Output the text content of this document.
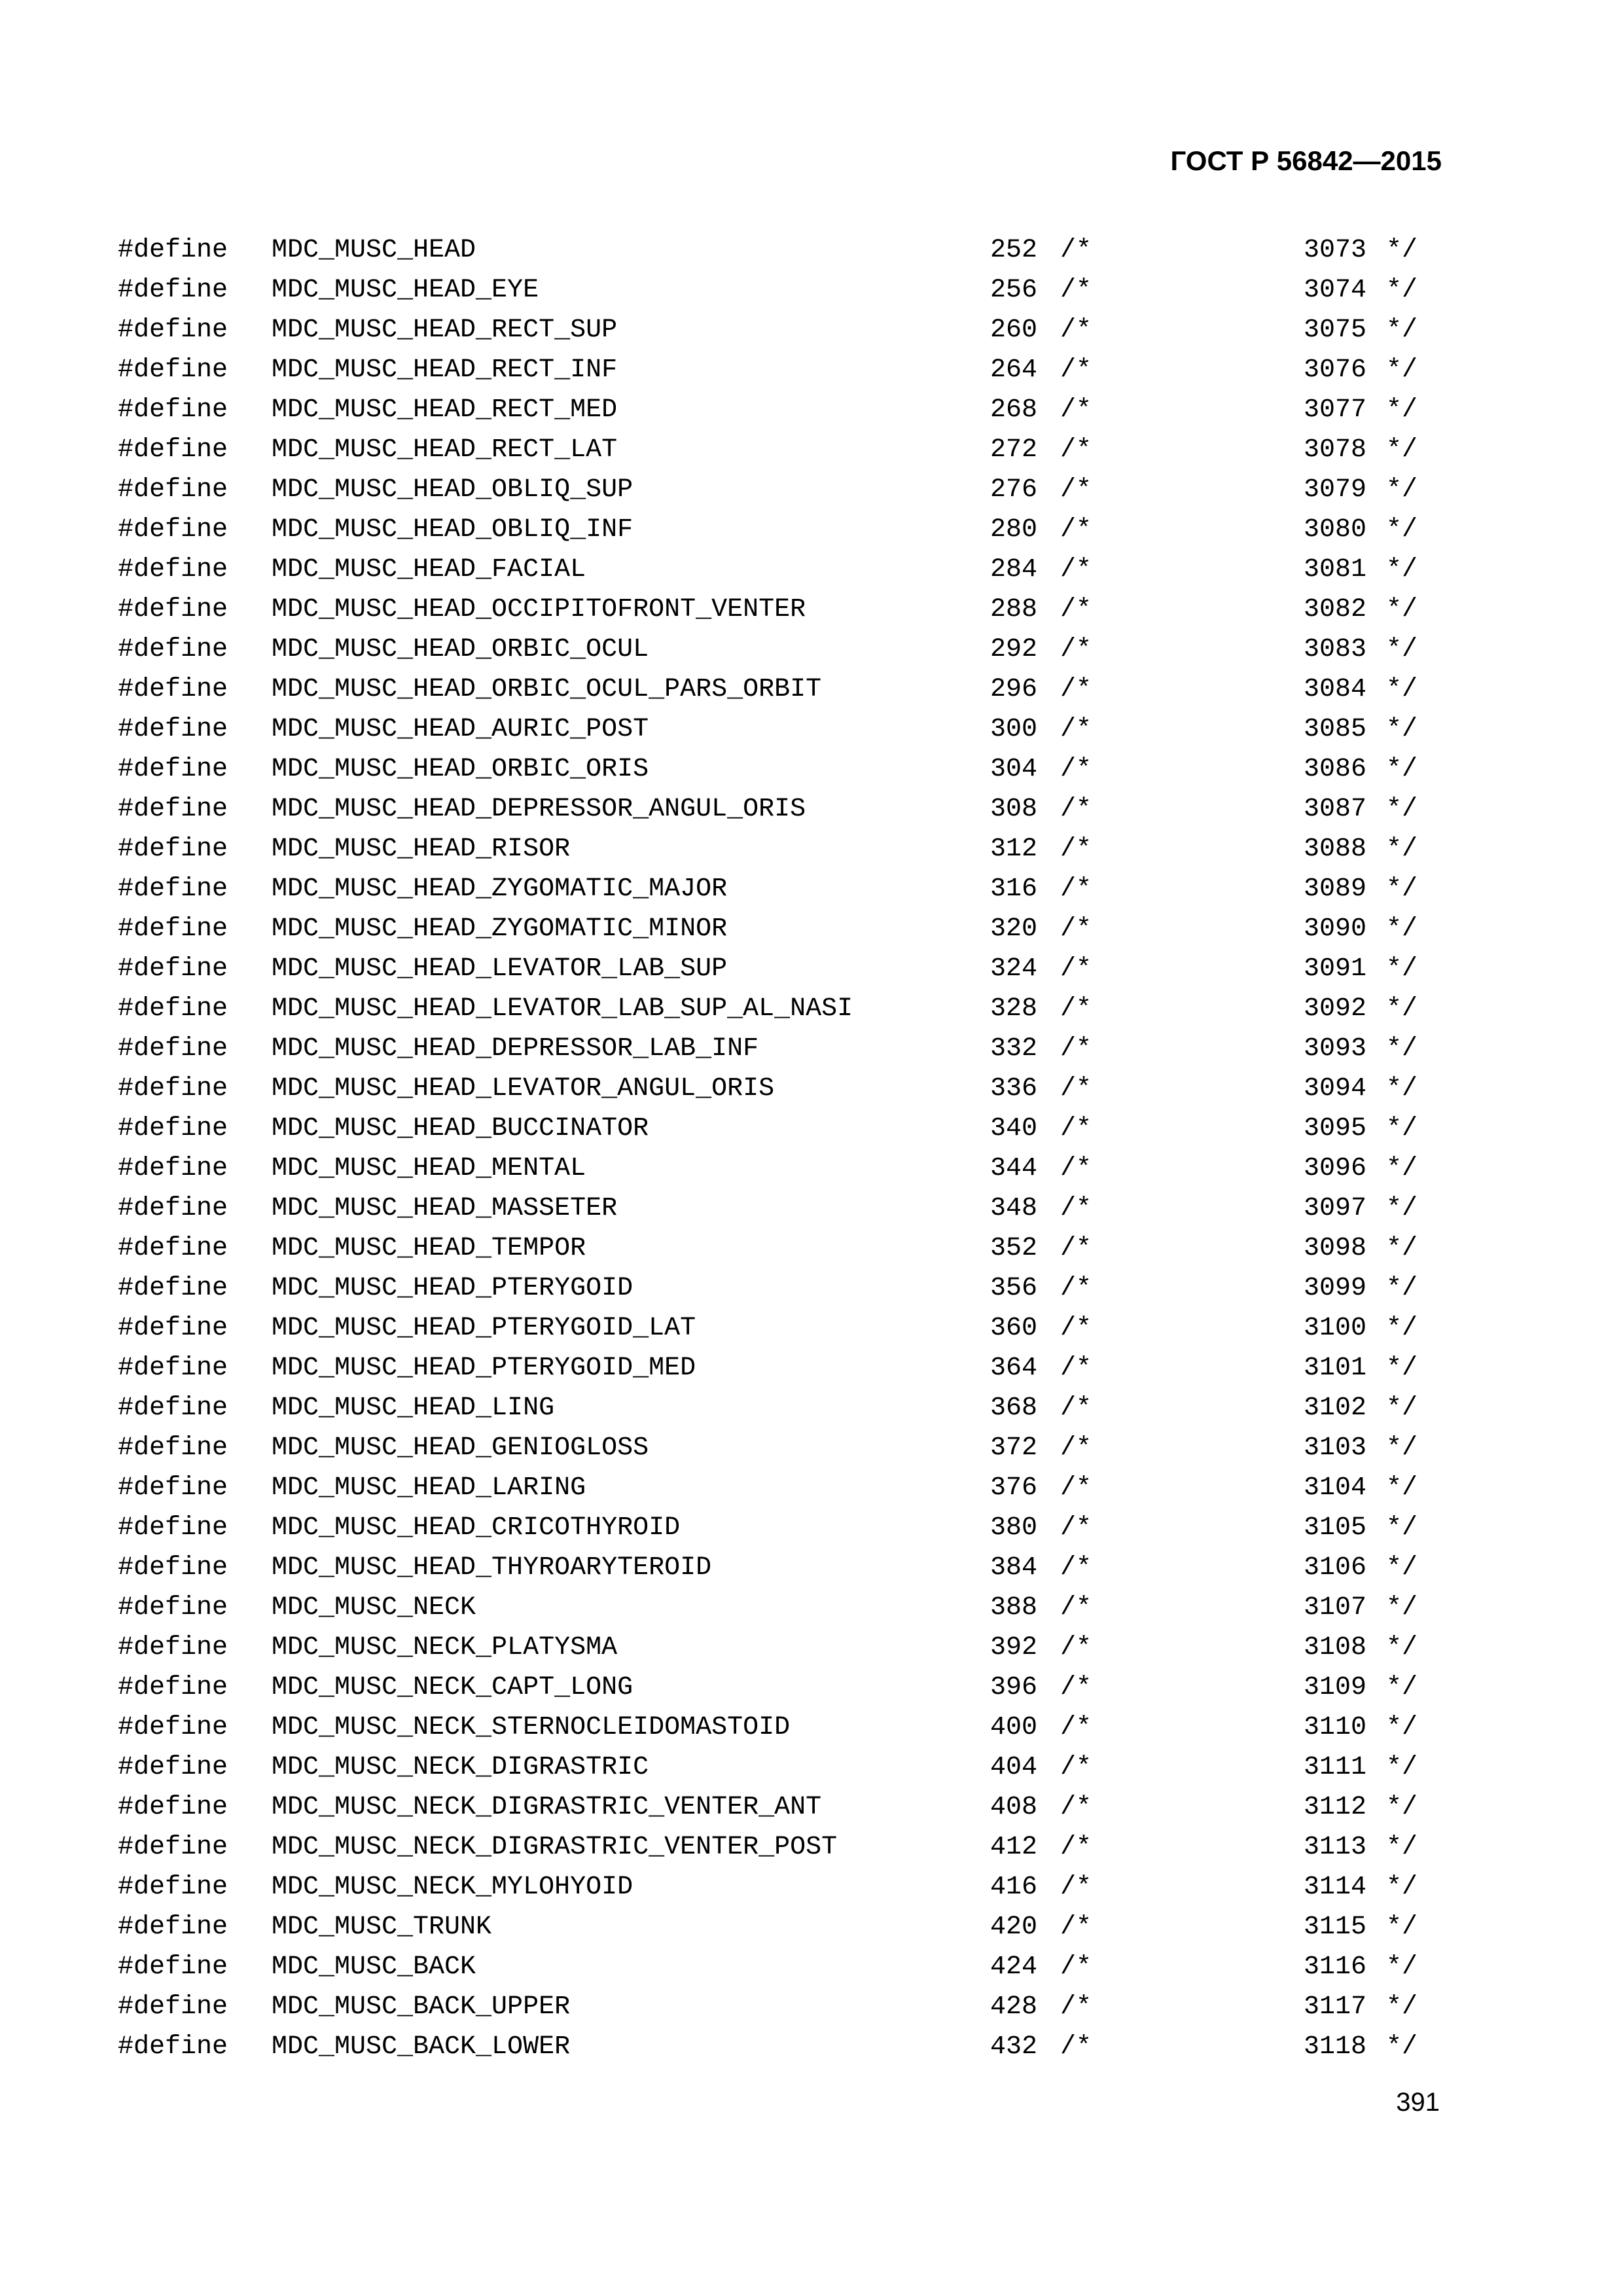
ГОСТ Р 56842—2015
#define MDC_MUSC_HEAD	252 /*	3073 */
#define MDC_MUSC_HEAD_EYE	256 /*	3074 */
#define MDC_MUSC_HEAD_RECT_SUP	260 /*	3075 */
#define MDC_MUSC_HEAD_RECT_INF	264 /*	3076 */
#define MDC_MUSC_HEAD_RECT_MED	268 /*	3077 */
#define MDC_MUSC_HEAD_RECT_LAT	272 /*	3078 */
#define MDC_MUSC_HEAD_OBLIQ_SUP	276 /*	3079 */
#define MDC_MUSC_HEAD_OBLIQ_INF	280 /*	3080 */
#define MDC_MUSC_HEAD_FACIAL	284 /*	3081 */
#define MDC_MUSC_HEAD_OCCIPITOFRONT_VENTER	288 /*	3082 */
#define MDC_MUSC_HEAD_ORBIC_OCUL	292 /*	3083 */
#define MDC_MUSC_HEAD_ORBIC_OCUL_PARS_ORBIT	296 /*	3084 */
#define MDC_MUSC_HEAD_AURIC_POST	300 /*	3085 */
#define MDC_MUSC_HEAD_ORBIC_ORIS	304 /*	3086 */
#define MDC_MUSC_HEAD_DEPRESSOR_ANGUL_ORIS	308 /*	3087 */
#define MDC_MUSC_HEAD_RISOR	312 /*	3088 */
#define MDC_MUSC_HEAD_ZYGOMATIC_MAJOR	316 /*	3089 */
#define MDC_MUSC_HEAD_ZYGOMATIC_MINOR	320 /*	3090 */
#define MDC_MUSC_HEAD_LEVATOR_LAB_SUP	324 /*	3091 */
#define MDC_MUSC_HEAD_LEVATOR_LAB_SUP_AL_NASI	328 /*	3092 */
#define MDC_MUSC_HEAD_DEPRESSOR_LAB_INF	332 /*	3093 */
#define MDC_MUSC_HEAD_LEVATOR_ANGUL_ORIS	336 /*	3094 */
#define MDC_MUSC_HEAD_BUCCINATOR	340 /*	3095 */
#define MDC_MUSC_HEAD_MENTAL	344 /*	3096 */
#define MDC_MUSC_HEAD_MASSETER	348 /*	3097 */
#define MDC_MUSC_HEAD_TEMPOR	352 /*	3098 */
#define MDC_MUSC_HEAD_PTERYGOID	356 /*	3099 */
#define MDC_MUSC_HEAD_PTERYGOID_LAT	360 /*	3100 */
#define MDC_MUSC_HEAD_PTERYGOID_MED	364 /*	3101 */
#define MDC_MUSC_HEAD_LING	368 /*	3102 */
#define MDC_MUSC_HEAD_GENIOGLOSS	372 /*	3103 */
#define MDC_MUSC_HEAD_LARING	376 /*	3104 */
#define MDC_MUSC_HEAD_CRICOTHYROID	380 /*	3105 */
#define MDC_MUSC_HEAD_THYROARYTEROID	384 /*	3106 */
#define MDC_MUSC_NECK	388 /*	3107 */
#define MDC_MUSC_NECK_PLATYSMA	392 /*	3108 */
#define MDC_MUSC_NECK_CAPT_LONG	396 /*	3109 */
#define MDC_MUSC_NECK_STERNOCLEIDOMASTOID	400 /*	3110 */
#define MDC_MUSC_NECK_DIGRASTRIC	404 /*	3111 */
#define MDC_MUSC_NECK_DIGRASTRIC_VENTER_ANT	408 /*	3112 */
#define MDC_MUSC_NECK_DIGRASTRIC_VENTER_POST	412 /*	3113 */
#define MDC_MUSC_NECK_MYLOHYOID	416 /*	3114 */
#define MDC_MUSC_TRUNK	420 /*	3115 */
#define MDC_MUSC_BACK	424 /*	3116 */
#define MDC_MUSC_BACK_UPPER	428 /*	3117 */
#define MDC_MUSC_BACK_LOWER	432 /*	3118 */
391
